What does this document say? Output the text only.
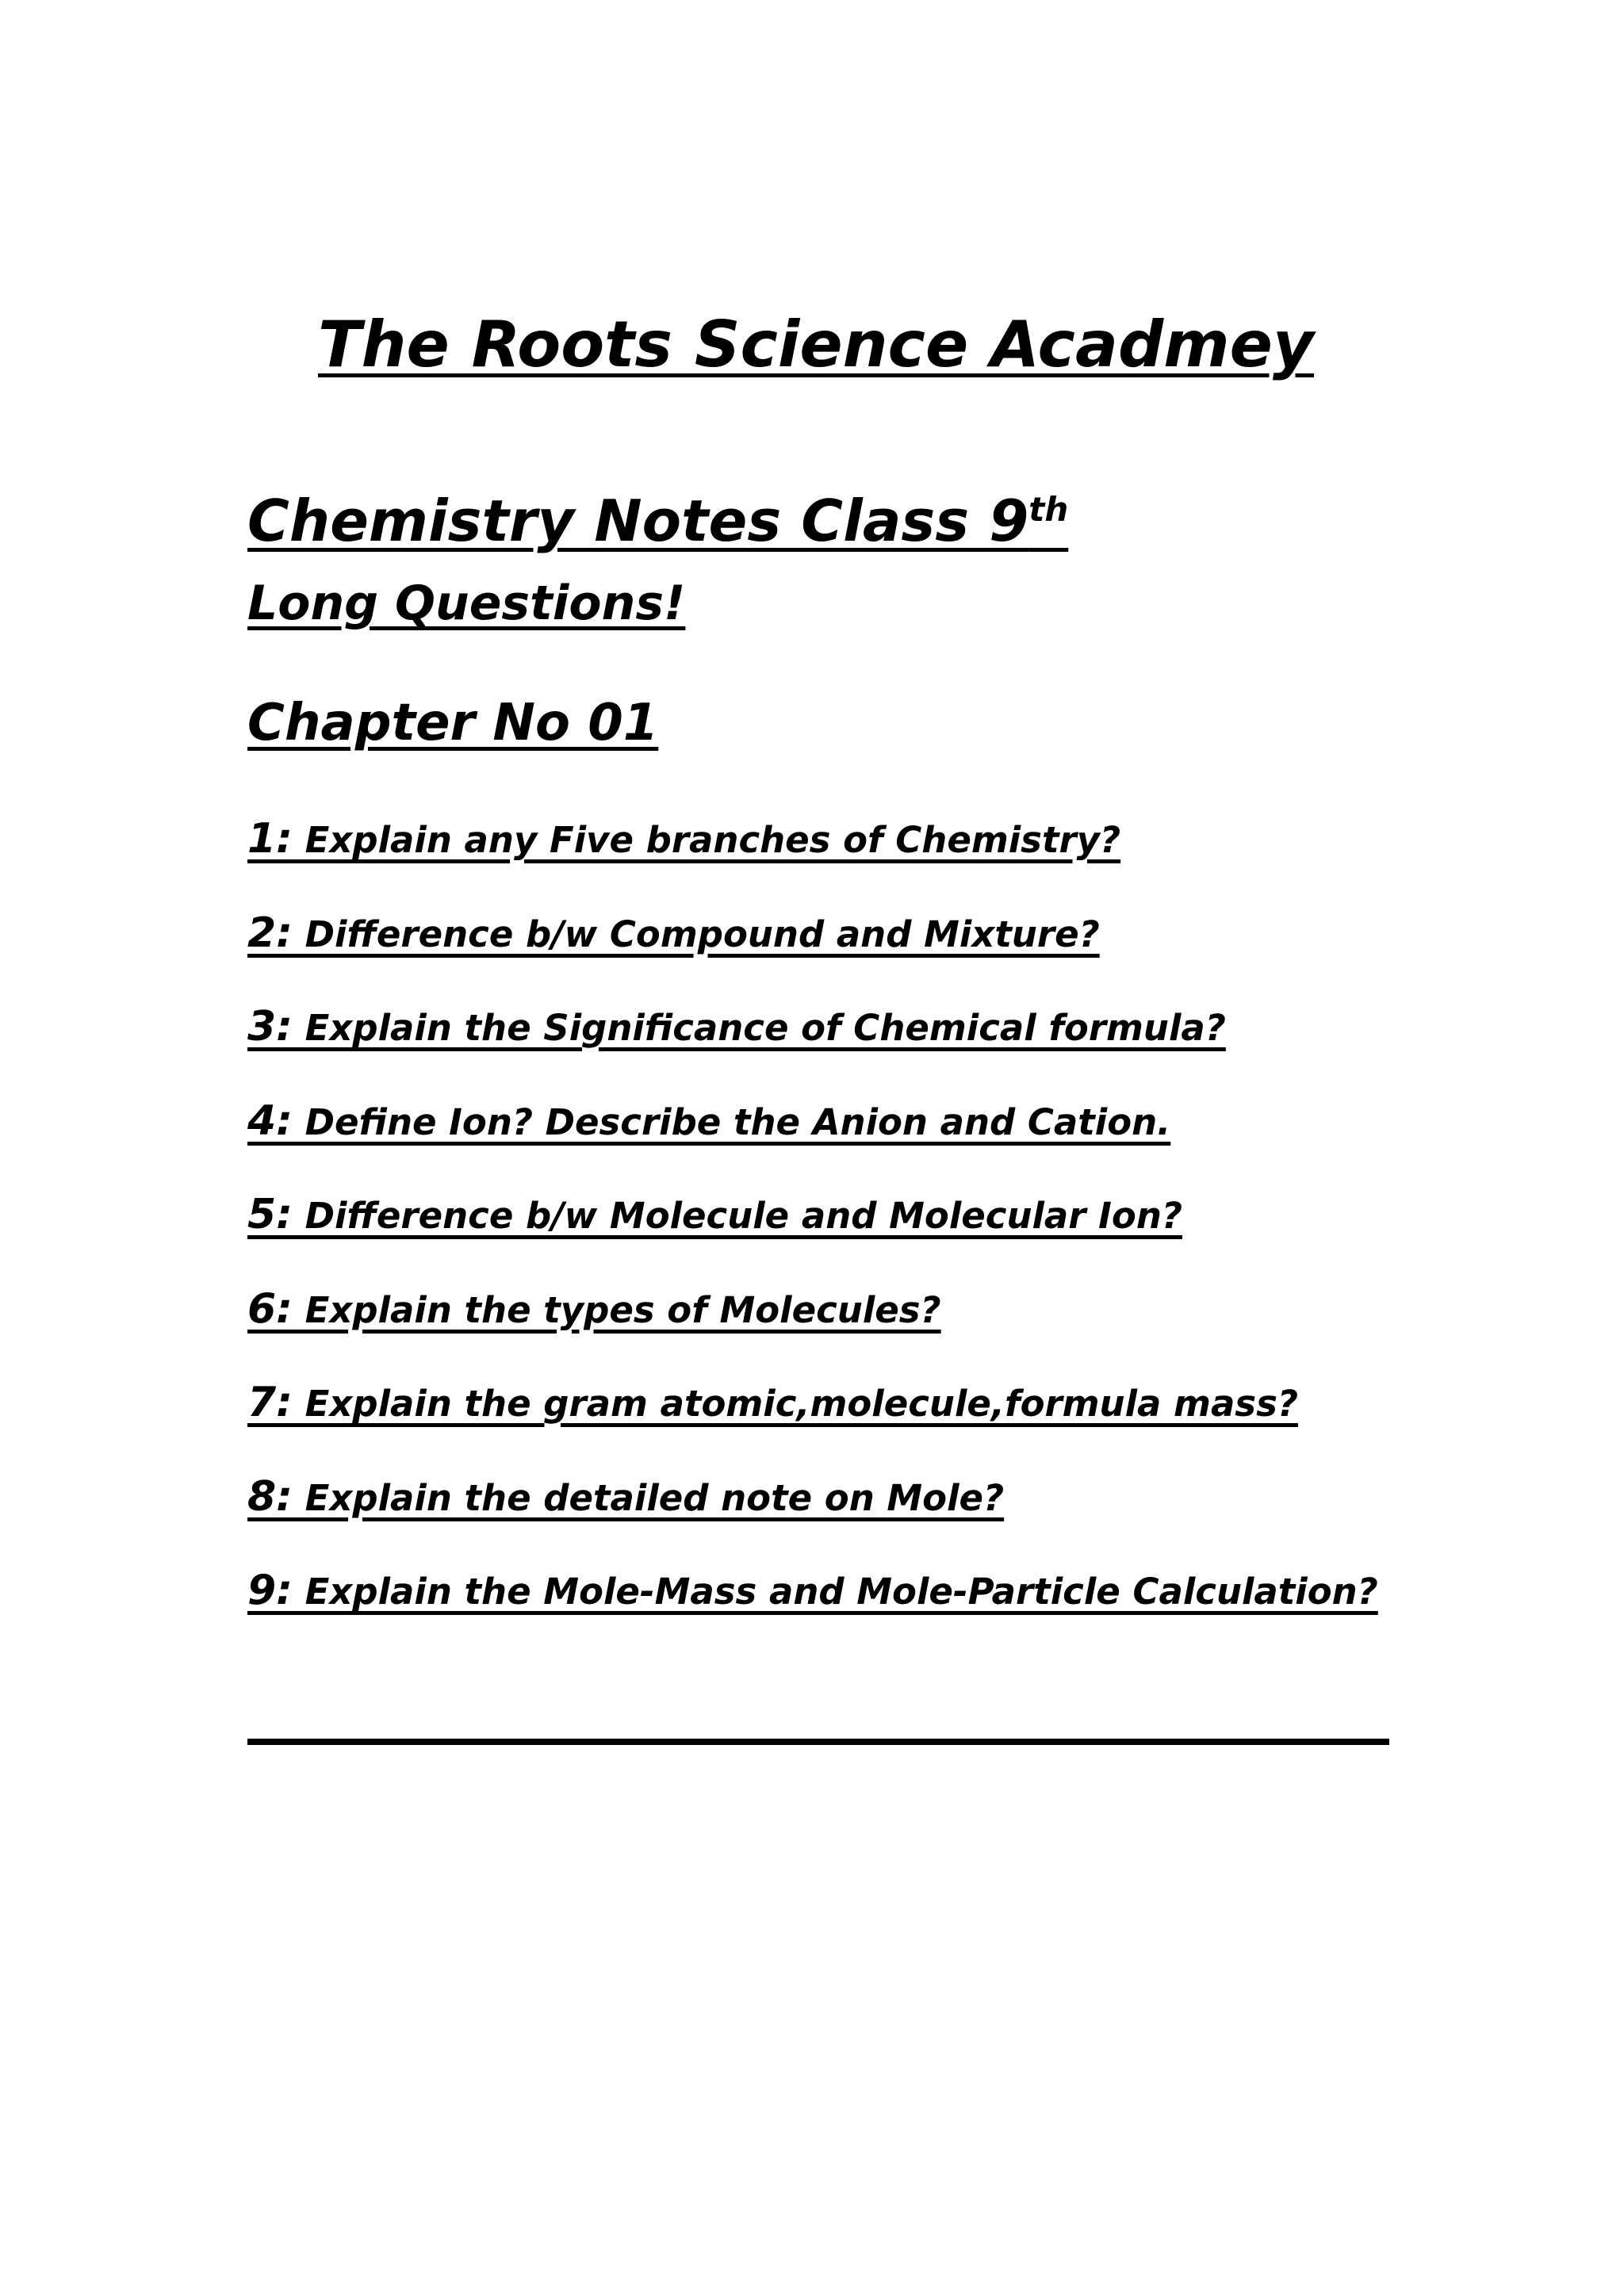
The Roots Science Acadmey
Chemistry Notes Class 9th
Long Questions!
Chapter No 01
1: Explain any Five branches of Chemistry?
2: Difference b/w Compound and Mixture?
3: Explain the Significance of Chemical formula?
4: Define Ion? Describe the Anion and Cation.
5: Difference b/w Molecule and Molecular Ion?
6: Explain the types of Molecules?
7: Explain the gram atomic,molecule,formula mass?
8: Explain the detailed note on Mole?
9: Explain the Mole-Mass and Mole-Particle Calculation?
